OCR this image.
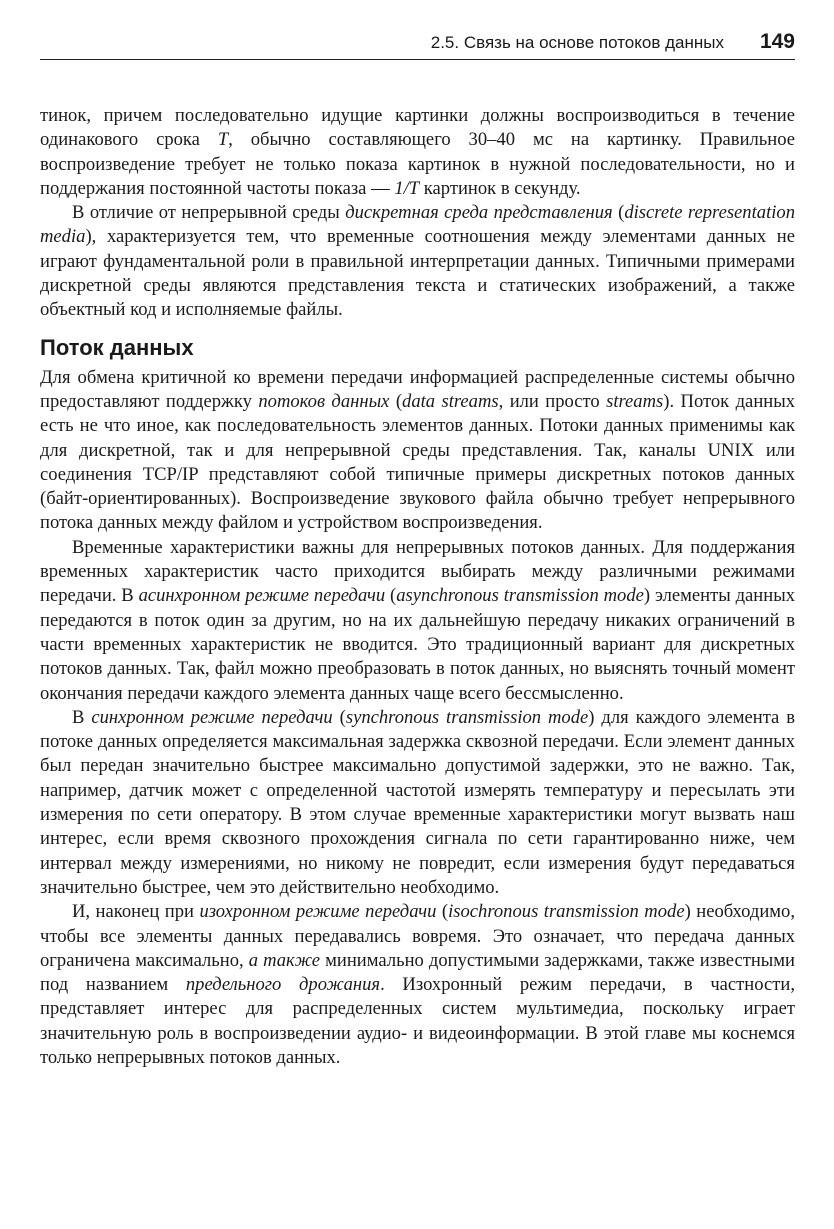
2.5. Связь на основе потоков данных 149

тинок, причем последовательно идущие картинки должны воспроизводиться в течение одинакового срока T, обычно составляющего 30–40 мс на картинку. Правильное воспроизведение требует не только показа картинок в нужной последовательности, но и поддержания постоянной частоты показа — 1/T картинок в секунду.

В отличие от непрерывной среды дискретная среда представления (discrete representation media), характеризуется тем, что временные соотношения между элементами данных не играют фундаментальной роли в правильной интерпретации данных. Типичными примерами дискретной среды являются представления текста и статических изображений, а также объектный код и исполняемые файлы.

Поток данных

Для обмена критичной ко времени передачи информацией распределенные системы обычно предоставляют поддержку потоков данных (data streams, или просто streams). Поток данных есть не что иное, как последовательность элементов данных. Потоки данных применимы как для дискретной, так и для непрерывной среды представления. Так, каналы UNIX или соединения TCP/IP представляют собой типичные примеры дискретных потоков данных (байт-ориентированных). Воспроизведение звукового файла обычно требует непрерывного потока данных между файлом и устройством воспроизведения.

Временные характеристики важны для непрерывных потоков данных. Для поддержания временных характеристик часто приходится выбирать между различными режимами передачи. В асинхронном режиме передачи (asynchronous transmission mode) элементы данных передаются в поток один за другим, но на их дальнейшую передачу никаких ограничений в части временных характеристик не вводится. Это традиционный вариант для дискретных потоков данных. Так, файл можно преобразовать в поток данных, но выяснять точный момент окончания передачи каждого элемента данных чаще всего бессмысленно.

В синхронном режиме передачи (synchronous transmission mode) для каждого элемента в потоке данных определяется максимальная задержка сквозной передачи. Если элемент данных был передан значительно быстрее максимально допустимой задержки, это не важно. Так, например, датчик может с определенной частотой измерять температуру и пересылать эти измерения по сети оператору. В этом случае временные характеристики могут вызвать наш интерес, если время сквозного прохождения сигнала по сети гарантированно ниже, чем интервал между измерениями, но никому не повредит, если измерения будут передаваться значительно быстрее, чем это действительно необходимо.

И, наконец при изохронном режиме передачи (isochronous transmission mode) необходимо, чтобы все элементы данных передавались вовремя. Это означает, что передача данных ограничена максимально, а также минимально допустимыми задержками, также известными под названием предельного дрожания. Изохронный режим передачи, в частности, представляет интерес для распределенных систем мультимедиа, поскольку играет значительную роль в воспроизведении аудио- и видеоинформации. В этой главе мы коснемся только непрерывных потоков данных.
